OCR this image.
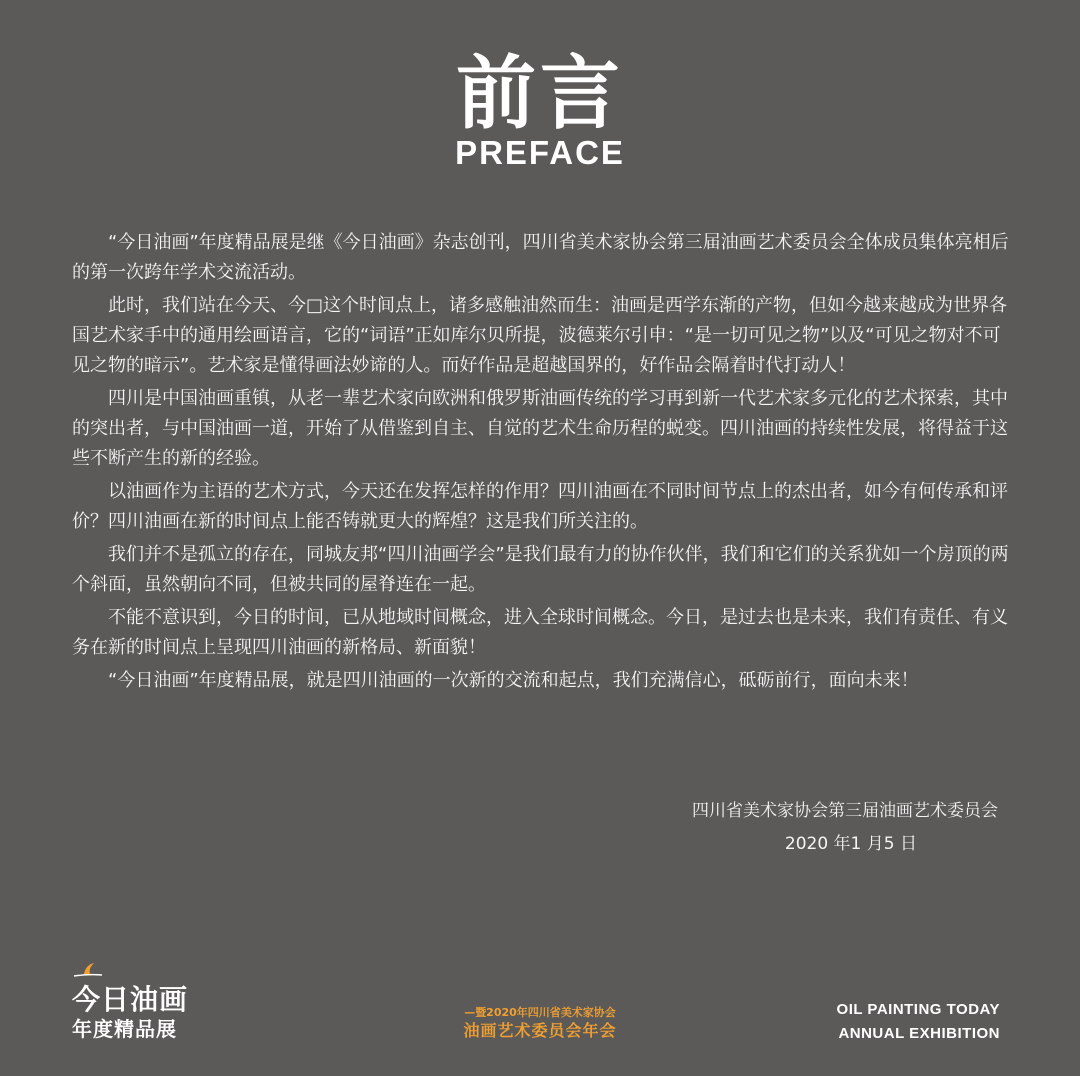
前言
PREFACE

“今日油画”年度精品展是继《今日油画》杂志创刊，四川省美术家协会第三届油画艺术委员会全体成员集体亮相后的第一次跨年学术交流活动。

此时，我们站在今天、今□这个时间点上，诸多感触油然而生：油画是西学东渐的产物，但如今越来越成为世界各国艺术家手中的通用绘画语言，它的“词语”正如库尔贝所提，波德莱尔引申：“是一切可见之物”以及“可见之物对不可见之物的暗示”。艺术家是懂得画法妙谛的人。而好作品是超越国界的，好作品会隔着时代打动人！

四川是中国油画重镇，从老一辈艺术家向欧洲和俄罗斯油画传统的学习再到新一代艺术家多元化的艺术探索，其中的突出者，与中国油画一道，开始了从借鉴到自主、自觉的艺术生命历程的蜕变。四川油画的持续性发展，将得益于这些不断产生的新的经验。

以油画作为主语的艺术方式，今天还在发挥怎样的作用？四川油画在不同时间节点上的杰出者，如今有何传承和评价？四川油画在新的时间点上能否铸就更大的辉煌？这是我们所关注的。

我们并不是孤立的存在，同城友邦“四川油画学会”是我们最有力的协作伙伴，我们和它们的关系犹如一个房顶的两个斜面，虽然朝向不同，但被共同的屋脊连在一起。

不能不意识到，今日的时间，已从地域时间概念，进入全球时间概念。今日，是过去也是未来，我们有责任、有义务在新的时间点上呈现四川油画的新格局、新面貌！

“今日油画”年度精品展，就是四川油画的一次新的交流和起点，我们充满信心，砥砺前行，面向未来！

四川省美术家协会第三届油画艺术委员会
2020 年1 月5 日
今日油画
年度精品展
—暨2020年四川省美术家协会
油画艺术委员会年会
OIL PAINTING TODAY
ANNUAL EXHIBITION
